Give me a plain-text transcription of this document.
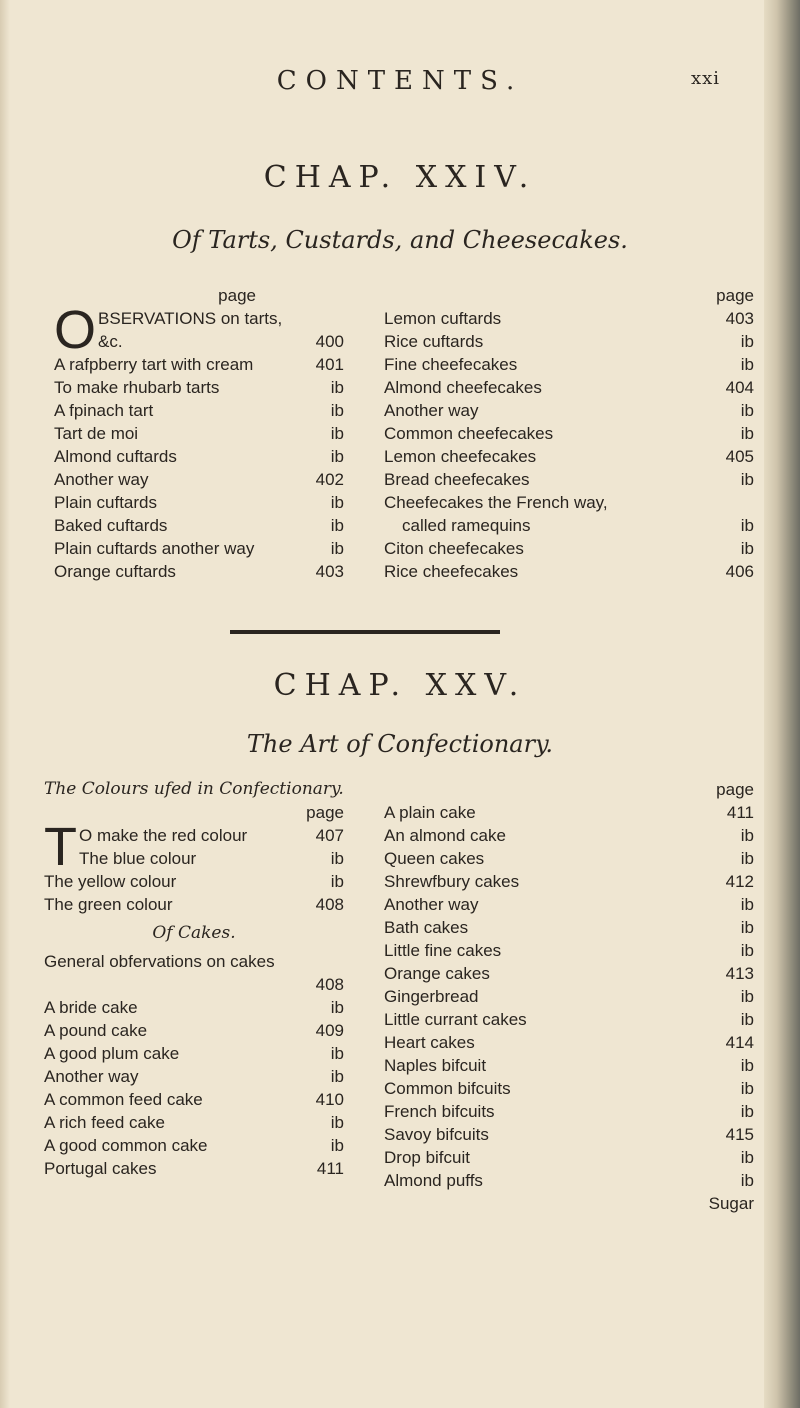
CONTENTS.	xxi
CHAP. XXIV.
Of Tarts, Custards, and Cheesecakes.
page
O BSERVATIONS on tarts,
&c.	400
A rafpberry tart with cream	401
To make rhubarb tarts	ib
A fpinach tart	ib
Tart de moi	ib
Almond cuftards	ib
Another way	402
Plain cuftards	ib
Baked cuftards	ib
Plain cuftards another way	ib
Orange cuftards	403
page
Lemon cuftards	403
Rice cuftards	ib
Fine cheefecakes	ib
Almond cheefecakes	404
Another way	ib
Common cheefecakes	ib
Lemon cheefecakes	405
Bread cheefecakes	ib
Cheefecakes the French way,
called ramequins	ib
Citon cheefecakes	ib
Rice cheefecakes	406
CHAP. XXV.
The Art of Confectionary.
The Colours ufed in Confectionary.
page
T O make the red colour	407
The blue colour	ib
The yellow colour	ib
The green colour	408
Of Cakes.
General obfervations on cakes
408
A bride cake	ib
A pound cake	409
A good plum cake	ib
Another way	ib
A common feed cake	410
A rich feed cake	ib
A good common cake	ib
Portugal cakes	411
page
A plain cake	411
An almond cake	ib
Queen cakes	ib
Shrewfbury cakes	412
Another way	ib
Bath cakes	ib
Little fine cakes	ib
Orange cakes	413
Gingerbread	ib
Little currant cakes	ib
Heart cakes	414
Naples bifcuit	ib
Common bifcuits	ib
French bifcuits	ib
Savoy bifcuits	415
Drop bifcuit	ib
Almond puffs	ib
Sugar
